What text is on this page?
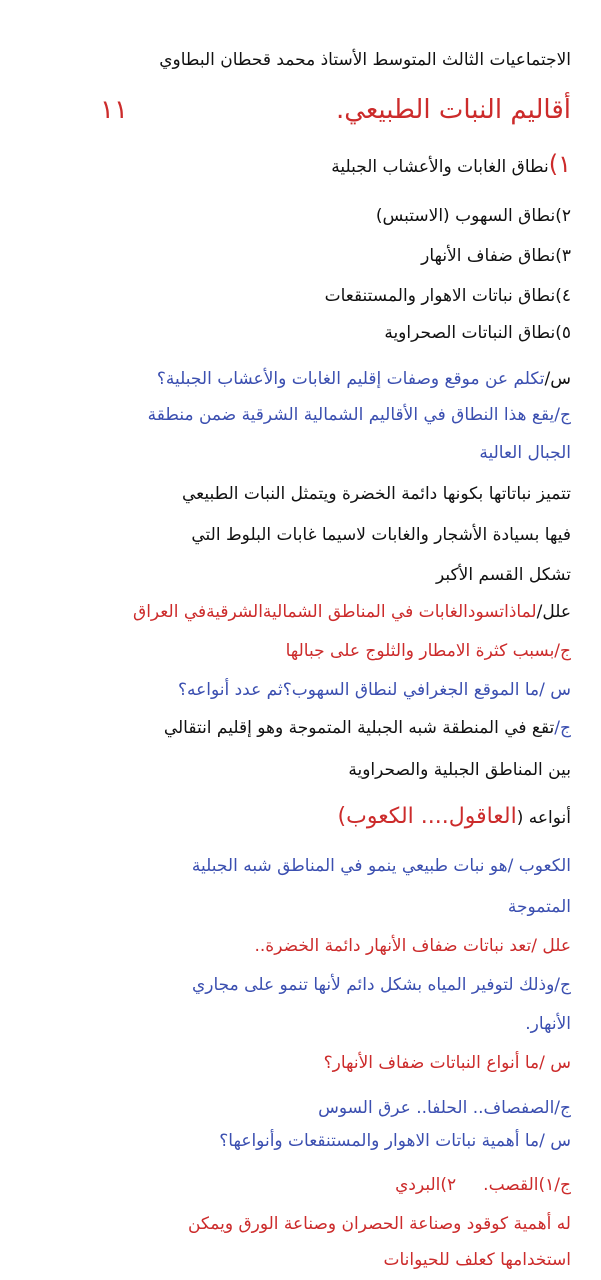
الاجتماعيات الثالث المتوسط الأستاذ محمد قحطان البطاوي
أقاليم النبات الطبيعي.
١١
١)نطاق الغابات والأعشاب الجبلية
٢)نطاق السهوب (الاستبس)
٣)نطاق ضفاف الأنهار
٤)نطاق نباتات الاهوار والمستنقعات
٥)نطاق النباتات الصحراوية
س/تكلم عن موقع وصفات إقليم الغابات والأعشاب الجبلية؟
ج/يقع هذا النطاق في الأقاليم الشمالية الشرقية ضمن منطقة
الجبال العالية
تتميز نباتاتها بكونها دائمة الخضرة ويتمثل النبات الطبيعي
فيها بسيادة الأشجار والغابات لاسيما غابات البلوط التي
تشكل القسم الأكبر
علل/لماذاتسودالغابات في المناطق الشماليةالشرقيةفي العراق
ج/بسبب كثرة الامطار والثلوج على جبالها
س /ما الموقع الجغرافي لنطاق السهوب؟ثم عدد أنواعه؟
ج/تقع في المنطقة شبه الجبلية المتموجة وهو إقليم انتقالي
بين المناطق الجبلية والصحراوية
أنواعه (العاقول.... الكعوب)
الكعوب /هو نبات طبيعي ينمو في المناطق شبه الجبلية
المتموجة
علل /تعد نباتات ضفاف الأنهار دائمة الخضرة..
ج/وذلك لتوفير المياه بشكل دائم لأنها تنمو على مجاري
الأنهار.
س /ما أنواع النباتات ضفاف الأنهار؟
ج/الصفصاف.. الحلفا.. عرق السوس
س /ما أهمية نباتات الاهوار والمستنقعات وأنواعها؟
ج/١)القصب.     ٢)البردي
له أهمية كوقود وصناعة الحصران وصناعة الورق ويمكن
استخدامها كعلف للحيوانات
